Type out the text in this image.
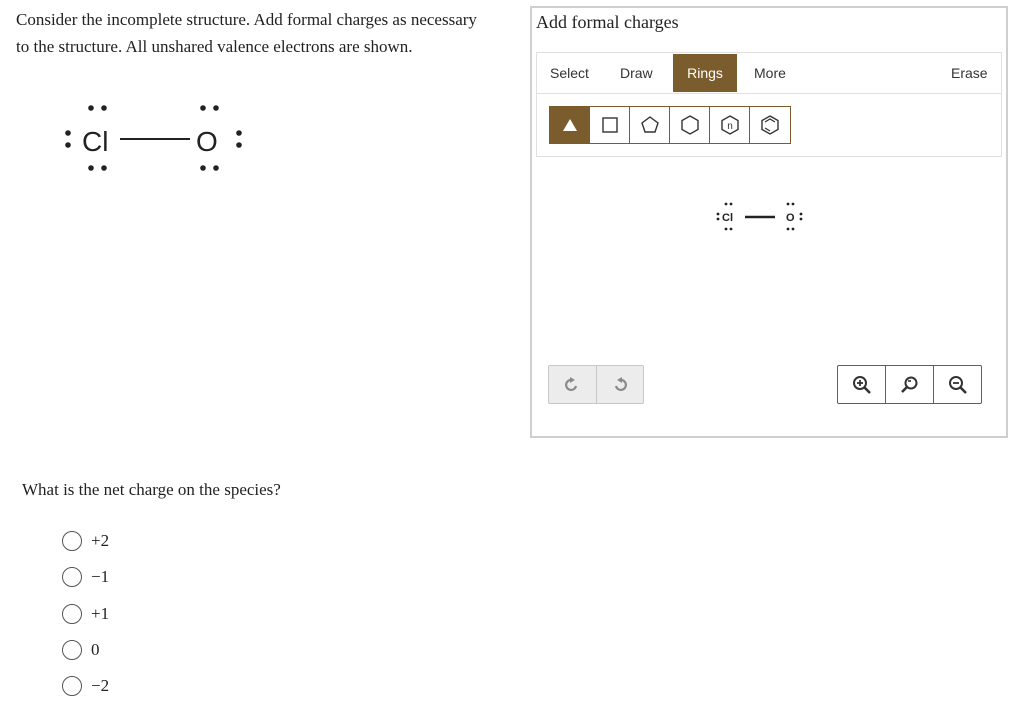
Consider the incomplete structure. Add formal charges as necessary to the structure. All unshared valence electrons are shown.
Cl	O
What is the net charge on the species?
+2
−1
+1
0
−2
Add formal charges
Select Draw	Rings	More	Erase
n
Cl	O
